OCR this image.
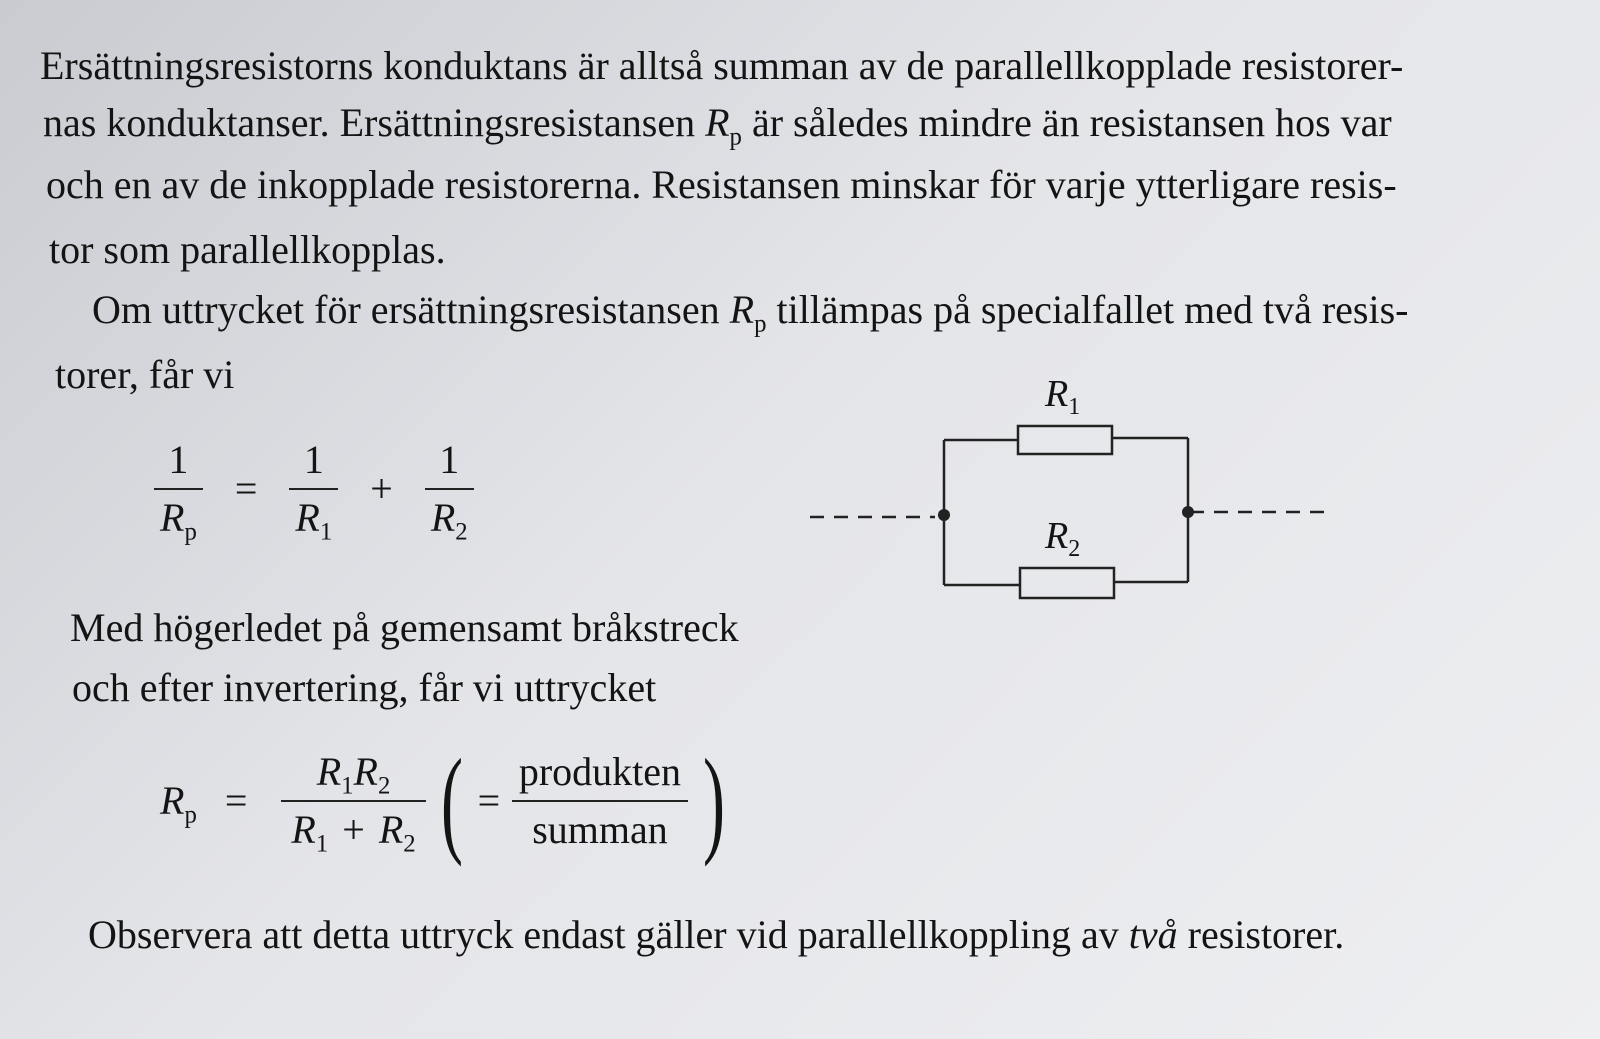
Ersättningsresistorns konduktans är alltså summan av de parallellkopplade resistorer-
nas konduktanser. Ersättningsresistansen $R_p$ är således mindre än resistansen hos var
och en av de inkopplade resistorerna. Resistansen minskar för varje ytterligare resis-
tor som parallellkopplas.
Om uttrycket för ersättningsresistansen $R_p$ tillämpas på specialfallet med två resis-
torer, får vi
$\frac{1}{R_p} = \frac{1}{R_1} + \frac{1}{R_2}$
$R_1$
$R_2$
Med högerledet på gemensamt bråkstreck
och efter invertering, får vi uttrycket
$R_p = \frac{R_1R_2}{R_1 + R_2}$ ( = $\frac{\text{produkten}}{\text{summan}}$ )
Observera att detta uttryck endast gäller vid parallellkoppling av två resistorer.
